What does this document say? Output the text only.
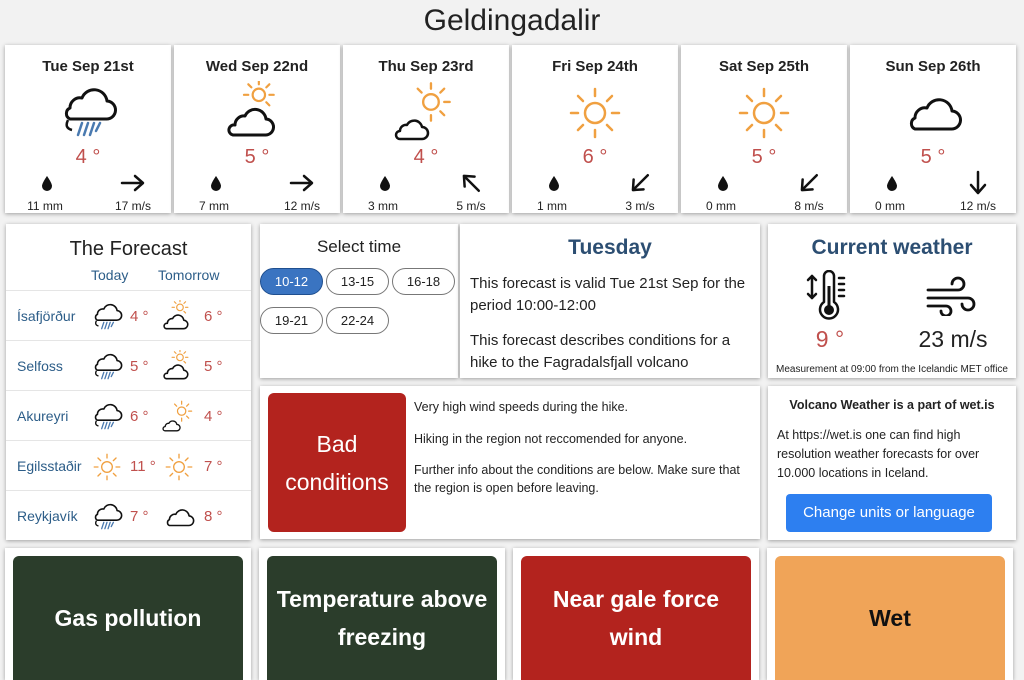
Geldingadalir
Tue Sep 21st
4 °
11 mm	17 m/s
Wed Sep 22nd
5 °
7 mm	12 m/s
Thu Sep 23rd
4 °
3 mm	5 m/s
Fri Sep 24th
6 °
1 mm	3 m/s
Sat Sep 25th
5 °
0 mm	8 m/s
Sun Sep 26th
5 °
0 mm	12 m/s
The Forecast
Today Tomorrow
Ísafjörður	4 °	6 °
Selfoss	5 °	5 °
Akureyri	6 °	4 °
Egilsstaðir	11 °	7 °
Reykjavík	7 °	8 °
Select time
10-12	13-15	16-18
19-21	22-24
Tuesday
This forecast is valid Tue 21st Sep for the period 10:00-12:00
This forecast describes conditions for a hike to the Fagradalsfjall volcano
Current weather
9 °	23 m/s
Measurement at 09:00 from the Icelandic MET office
Bad
conditions
Very high wind speeds during the hike.
Hiking in the region not reccomended for anyone.
Further info about the conditions are below. Make sure that the region is open before leaving.
Volcano Weather is a part of wet.is
At https://wet.is one can find high resolution weather forecasts for over 10.000 locations in Iceland.
Change units or language
Gas pollution
Temperature above
freezing
Near gale force
wind
Wet
